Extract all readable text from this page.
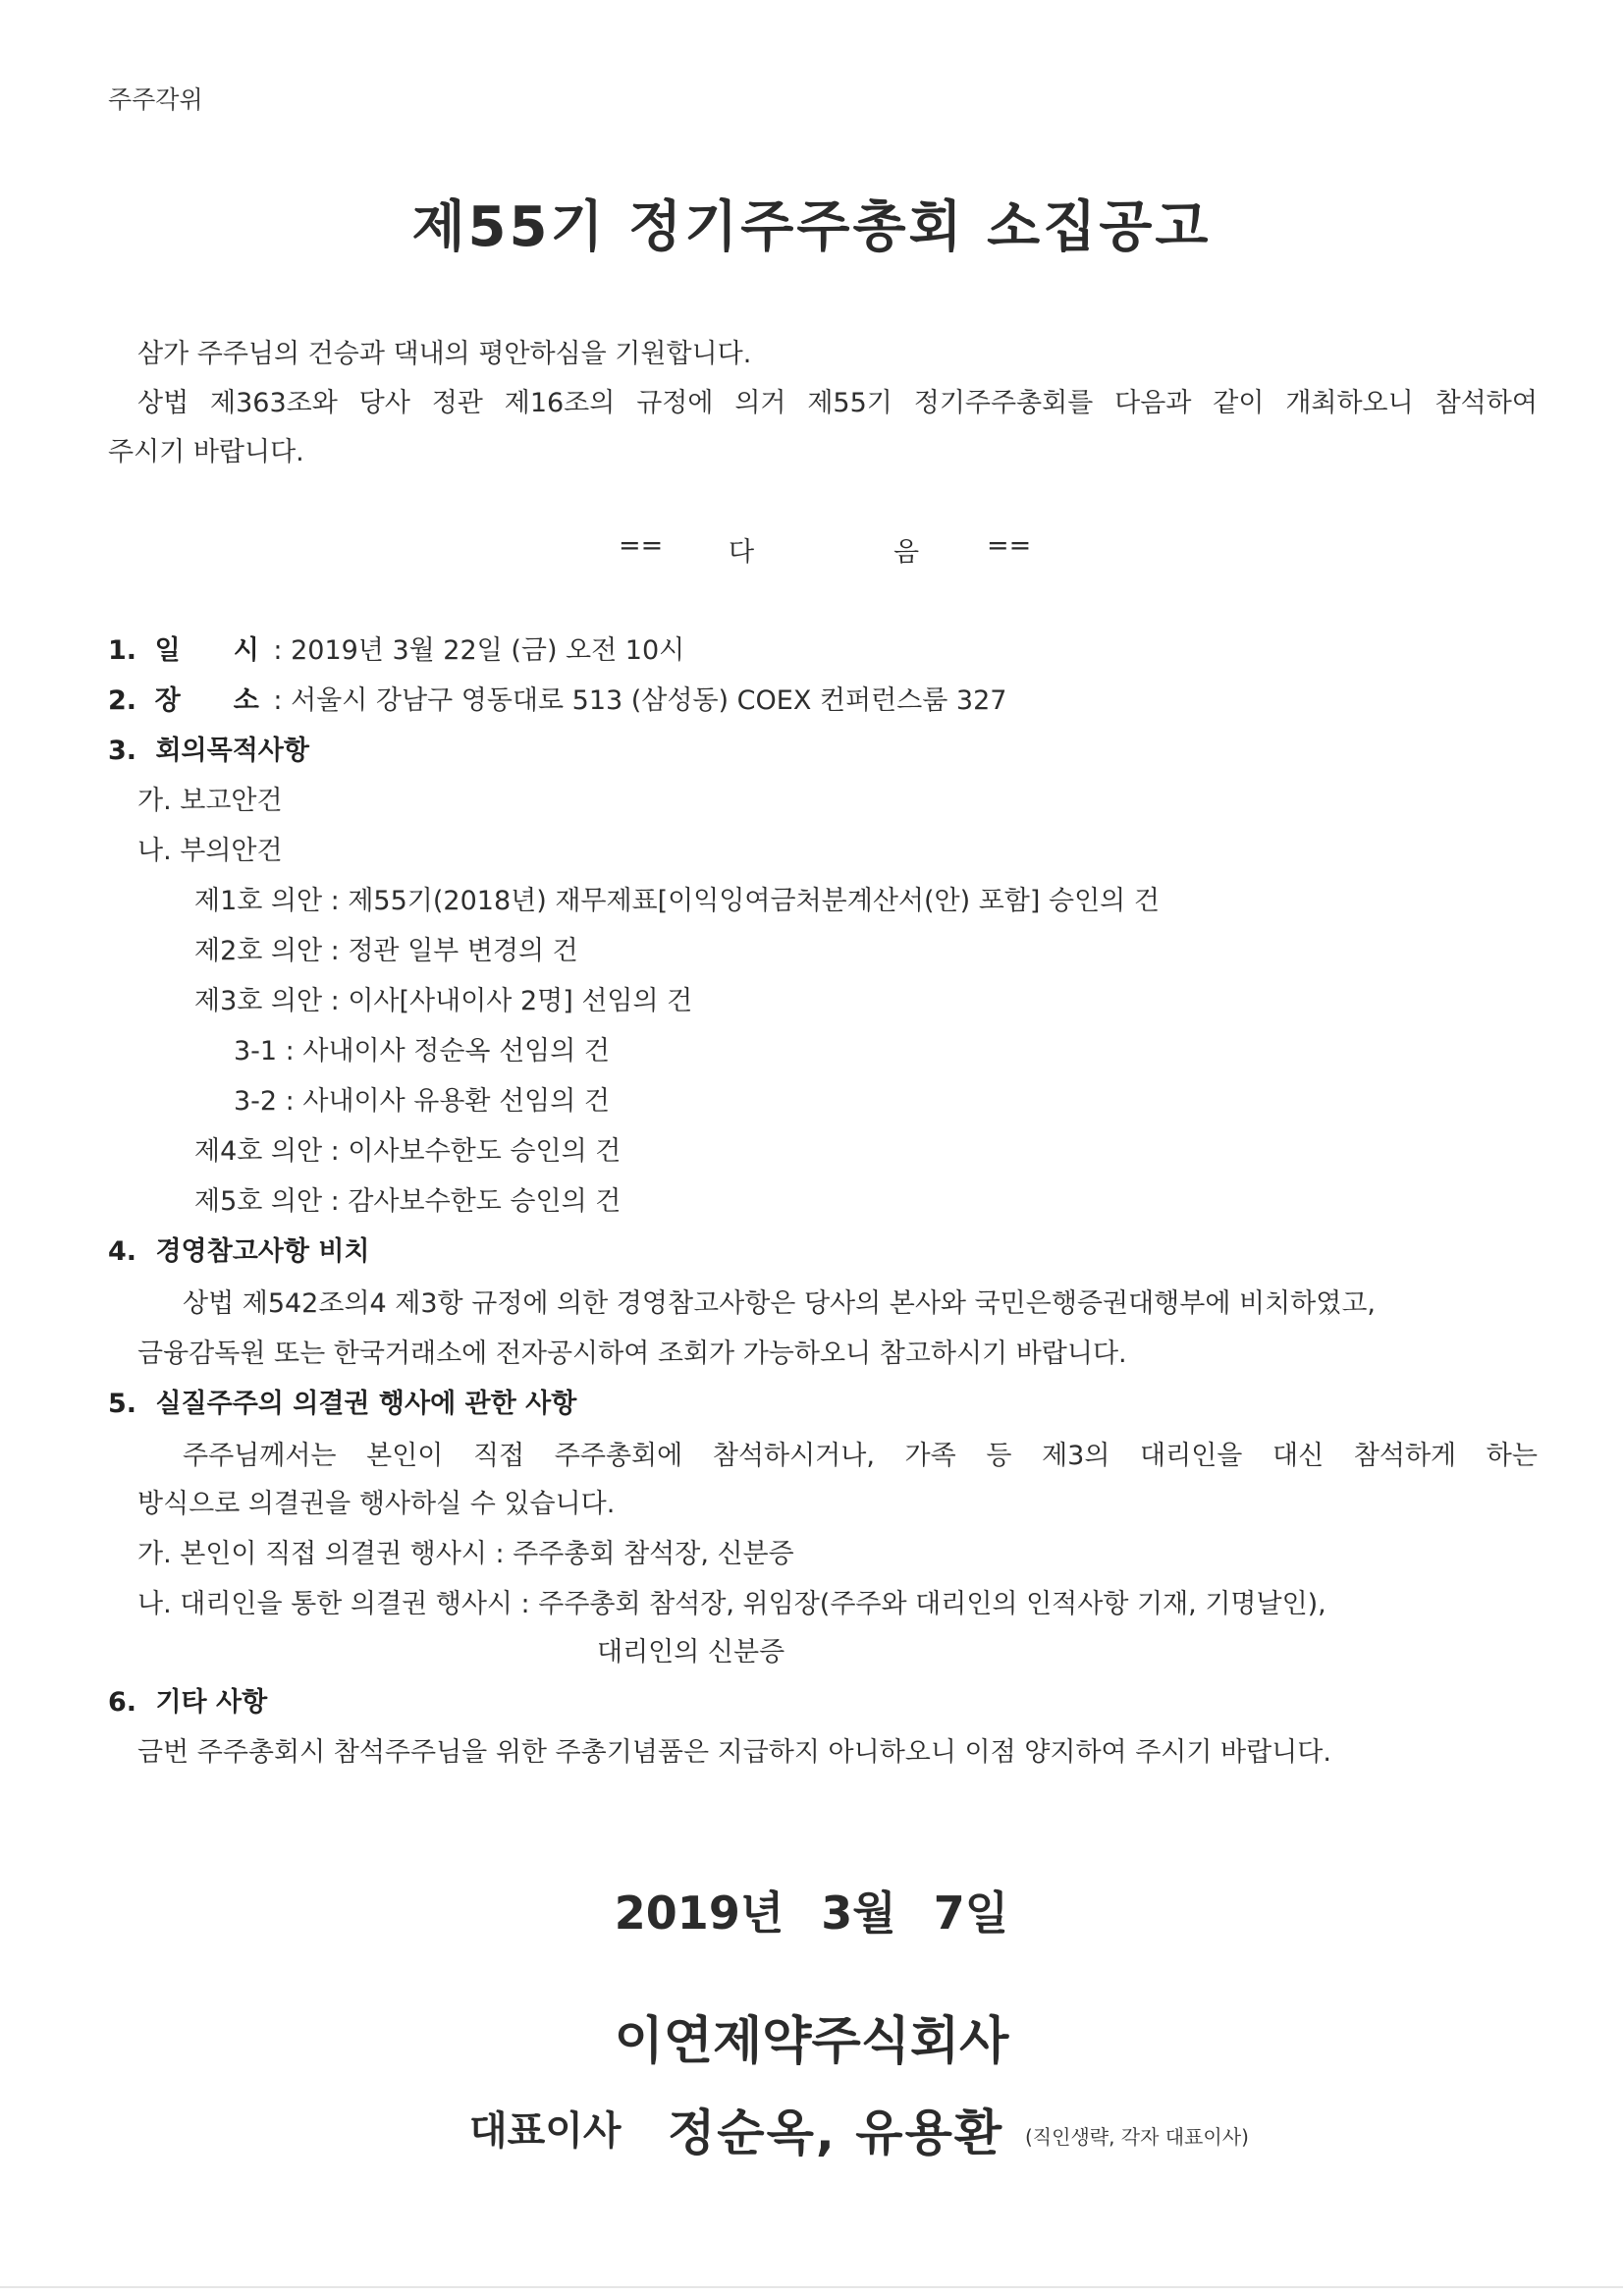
주주각위
제55기 정기주주총회 소집공고
삼가 주주님의 건승과 댁내의 평안하심을 기원합니다.
상법 제363조와 당사 정관 제16조의 규정에 의거 제55기 정기주주총회를 다음과 같이 개최하오니 참석하여
주시기 바랍니다.
== 다	음	==
1. 일　　시 : 2019년 3월 22일 (금) 오전 10시
2. 장　　소 : 서울시 강남구 영동대로 513 (삼성동) COEX 컨퍼런스룸 327
3. 회의목적사항
가. 보고안건
나. 부의안건
제1호 의안 : 제55기(2018년) 재무제표[이익잉여금처분계산서(안) 포함] 승인의 건
제2호 의안 : 정관 일부 변경의 건
제3호 의안 : 이사[사내이사 2명] 선임의 건
3-1 : 사내이사 정순옥 선임의 건
3-2 : 사내이사 유용환 선임의 건
제4호 의안 : 이사보수한도 승인의 건
제5호 의안 : 감사보수한도 승인의 건
4. 경영참고사항 비치
상법 제542조의4 제3항 규정에 의한 경영참고사항은 당사의 본사와 국민은행증권대행부에 비치하였고,
금융감독원 또는 한국거래소에 전자공시하여 조회가 가능하오니 참고하시기 바랍니다.
5. 실질주주의 의결권 행사에 관한 사항
주주님께서는 본인이 직접 주주총회에 참석하시거나, 가족 등 제3의 대리인을 대신 참석하게 하는
방식으로 의결권을 행사하실 수 있습니다.
가. 본인이 직접 의결권 행사시 : 주주총회 참석장, 신분증
나. 대리인을 통한 의결권 행사시 : 주주총회 참석장, 위임장(주주와 대리인의 인적사항 기재, 기명날인),
대리인의 신분증
6. 기타 사항
금번 주주총회시 참석주주님을 위한 주총기념품은 지급하지 아니하오니 이점 양지하여 주시기 바랍니다.
2019년 3월 7일
이연제약주식회사
대표이사 정순옥, 유용환 (직인생략, 각자 대표이사)
